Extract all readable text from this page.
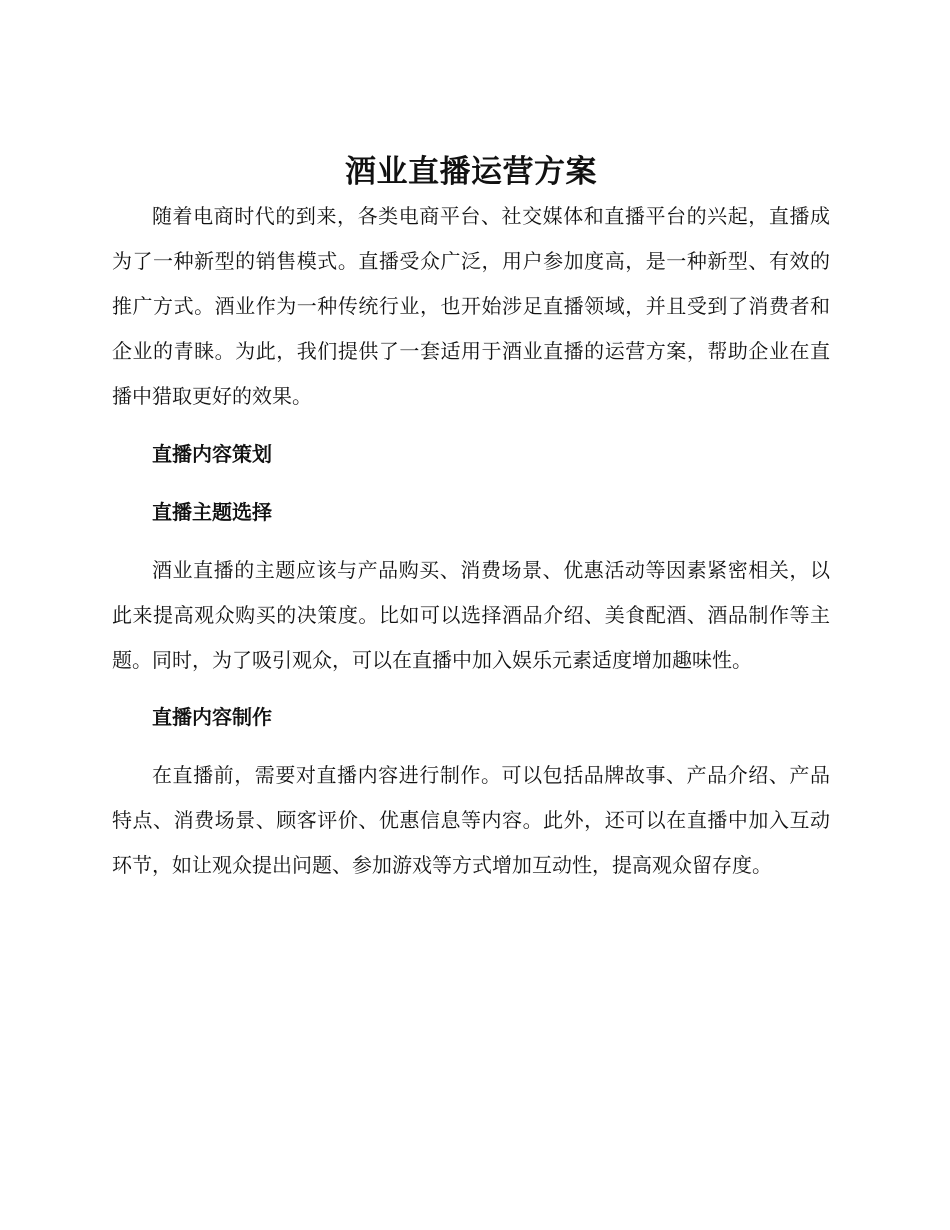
酒业直播运营方案

随着电商时代的到来，各类电商平台、社交媒体和直播平台的兴起，直播成为了一种新型的销售模式。直播受众广泛，用户参加度高，是一种新型、有效的推广方式。酒业作为一种传统行业，也开始涉足直播领域，并且受到了消费者和企业的青睐。为此，我们提供了一套适用于酒业直播的运营方案，帮助企业在直播中猎取更好的效果。

直播内容策划
直播主题选择

酒业直播的主题应该与产品购买、消费场景、优惠活动等因素紧密相关，以此来提高观众购买的决策度。比如可以选择酒品介绍、美食配酒、酒品制作等主题。同时，为了吸引观众，可以在直播中加入娱乐元素适度增加趣味性。

直播内容制作

在直播前，需要对直播内容进行制作。可以包括品牌故事、产品介绍、产品特点、消费场景、顾客评价、优惠信息等内容。此外，还可以在直播中加入互动环节，如让观众提出问题、参加游戏等方式增加互动性，提高观众留存度。
